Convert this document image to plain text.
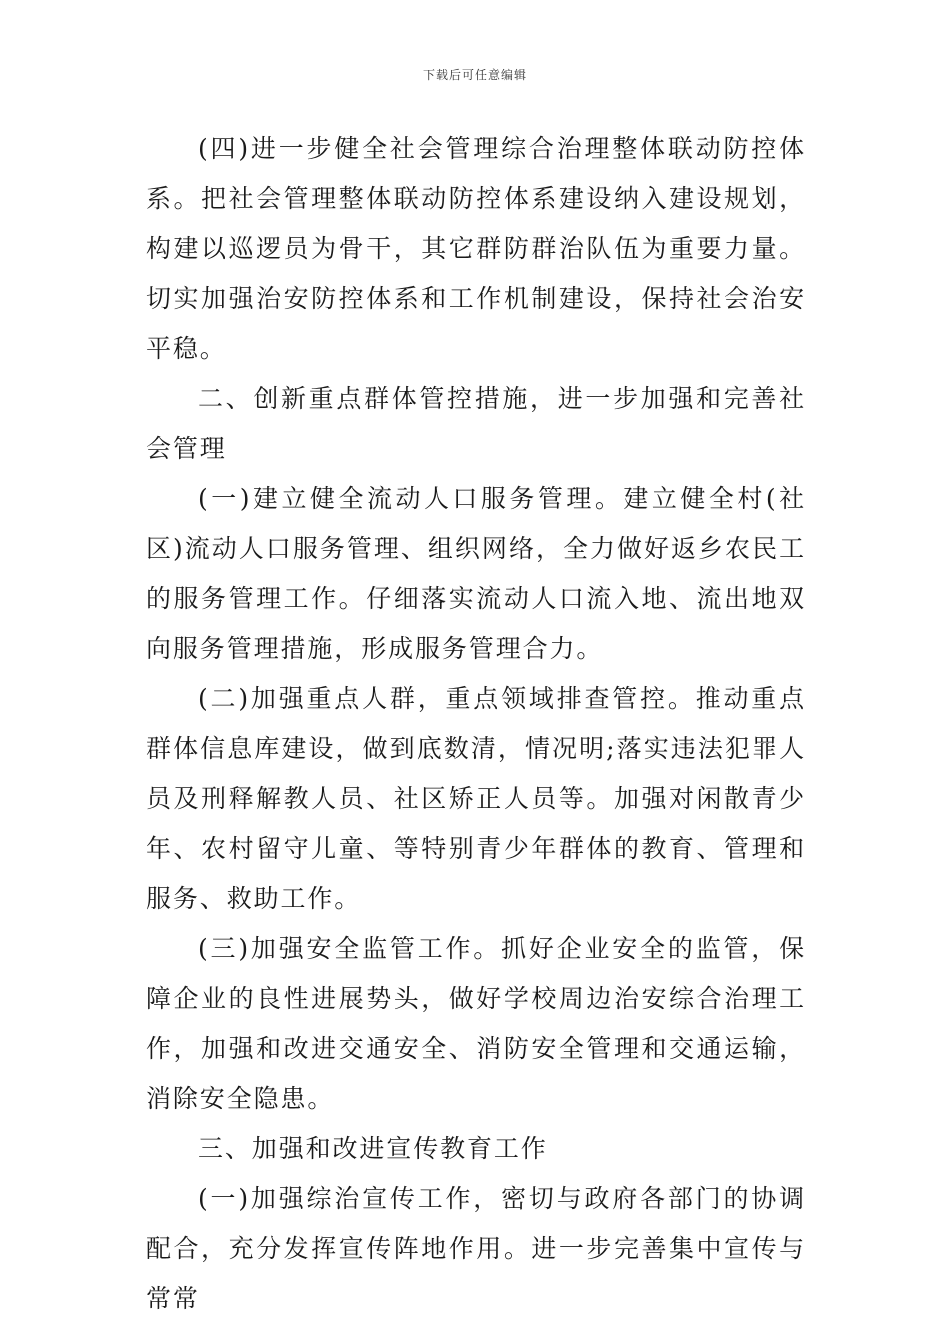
下载后可任意编辑

(四)进一步健全社会管理综合治理整体联动防控体系。把社会管理整体联动防控体系建设纳入建设规划，构建以巡逻员为骨干，其它群防群治队伍为重要力量。切实加强治安防控体系和工作机制建设，保持社会治安平稳。

二、创新重点群体管控措施，进一步加强和完善社会管理

(一)建立健全流动人口服务管理。建立健全村(社区)流动人口服务管理、组织网络，全力做好返乡农民工的服务管理工作。仔细落实流动人口流入地、流出地双向服务管理措施，形成服务管理合力。

(二)加强重点人群，重点领域排查管控。推动重点群体信息库建设，做到底数清，情况明;落实违法犯罪人员及刑释解教人员、社区矫正人员等。加强对闲散青少年、农村留守儿童、等特别青少年群体的教育、管理和服务、救助工作。

(三)加强安全监管工作。抓好企业安全的监管，保障企业的良性进展势头，做好学校周边治安综合治理工作，加强和改进交通安全、消防安全管理和交通运输，消除安全隐患。

三、加强和改进宣传教育工作

(一)加强综治宣传工作，密切与政府各部门的协调配合，充分发挥宣传阵地作用。进一步完善集中宣传与常常
